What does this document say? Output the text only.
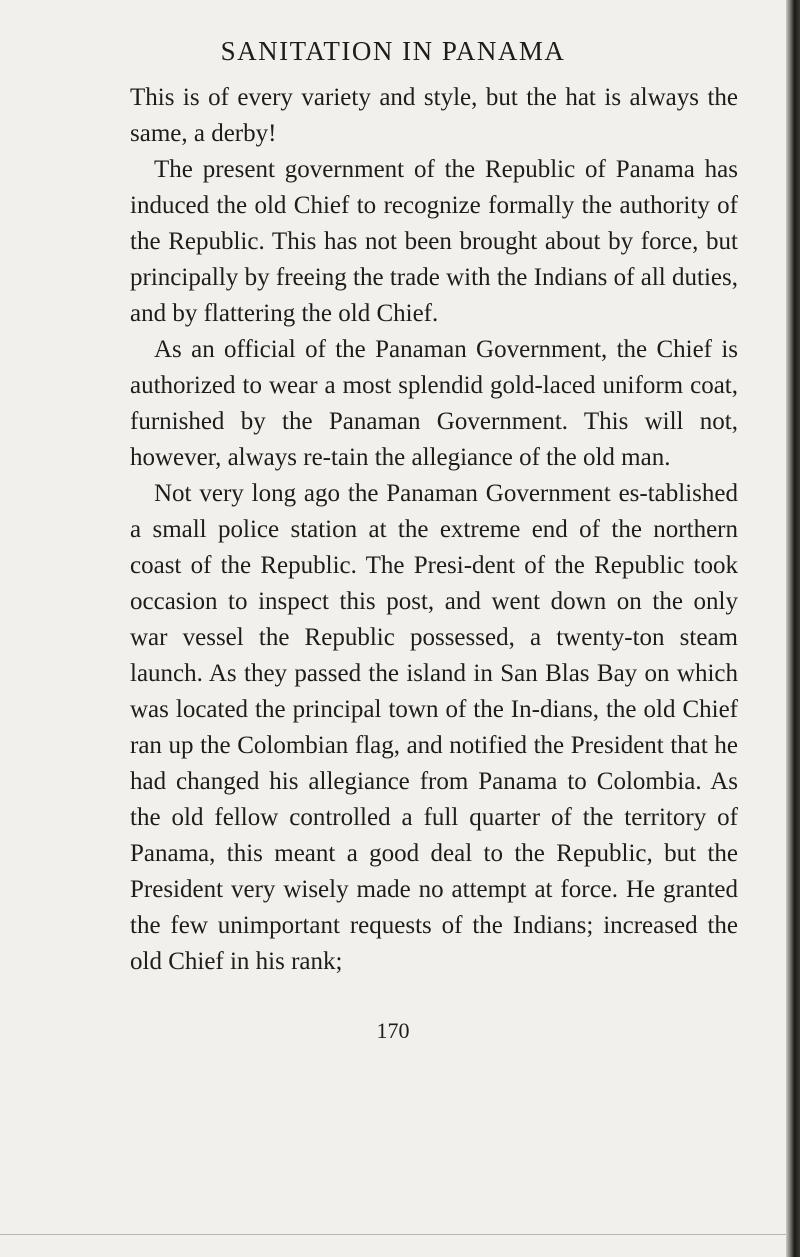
SANITATION IN PANAMA

This is of every variety and style, but the hat is always the same, a derby!

The present government of the Republic of Panama has induced the old Chief to recognize formally the authority of the Republic. This has not been brought about by force, but principally by freeing the trade with the Indians of all duties, and by flattering the old Chief.

As an official of the Panaman Government, the Chief is authorized to wear a most splendid gold-laced uniform coat, furnished by the Panaman Government. This will not, however, always re-tain the allegiance of the old man.

Not very long ago the Panaman Government es-tablished a small police station at the extreme end of the northern coast of the Republic. The Presi-dent of the Republic took occasion to inspect this post, and went down on the only war vessel the Republic possessed, a twenty-ton steam launch. As they passed the island in San Blas Bay on which was located the principal town of the In-dians, the old Chief ran up the Colombian flag, and notified the President that he had changed his allegiance from Panama to Colombia. As the old fellow controlled a full quarter of the territory of Panama, this meant a good deal to the Republic, but the President very wisely made no attempt at force. He granted the few unimportant requests of the Indians; increased the old Chief in his rank;

170
